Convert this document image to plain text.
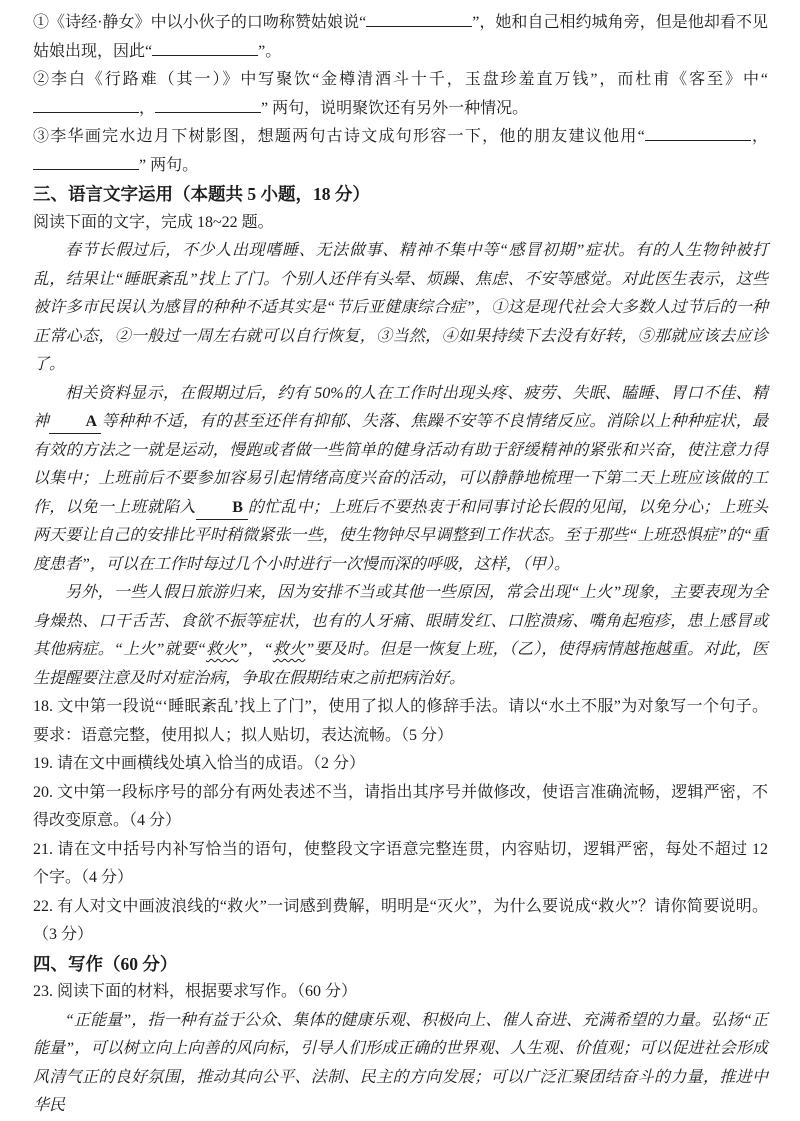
①《诗经·静女》中以小伙子的口吻称赞姑娘说“	”，她和自己相约城角旁，但是他却看不见姑娘出现，因此“	”。

②李白《行路难（其一）》中写聚饮“金樽清酒斗十千，玉盘珍羞直万钱”，而杜甫《客至》中“，	” 两句，说明聚饮还有另外一种情况。

③李华画完水边月下树影图，想题两句古诗文成句形容一下，他的朋友建议他用“	，” 两句。

三、语言文字运用（本题共 5 小题，18 分）

阅读下面的文字，完成 18~22 题。

春节长假过后，不少人出现嗜睡、无法做事、精神不集中等“感冒初期”症状。有的人生物钟被打乱，结果让“睡眠紊乱”找上了门。个别人还伴有头晕、烦躁、焦虑、不安等感觉。对此医生表示，这些被许多市民误认为感冒的种种不适其实是“节后亚健康综合症”，①这是现代社会大多数人过节后的一种正常心态，②一般过一周左右就可以自行恢复，③当然，④如果持续下去没有好转，⑤那就应该去应诊了。

相关资料显示，在假期过后，约有 50%的人在工作时出现头疼、疲劳、失眠、瞌睡、胃口不佳、精神 A 等种种不适，有的甚至还伴有抑郁、失落、焦躁不安等不良情绪反应。消除以上种种症状，最有效的方法之一就是运动，慢跑或者做一些简单的健身活动有助于舒缓精神的紧张和兴奋，使注意力得以集中；上班前后不要参加容易引起情绪高度兴奋的活动，可以静静地梳理一下第二天上班应该做的工作，以免一上班就陷入 B 的忙乱中；上班后不要热衷于和同事讨论长假的见闻，以免分心；上班头两天要让自己的安排比平时稍微紧张一些，使生物钟尽早调整到工作状态。至于那些“上班恐惧症”的“重度患者”，可以在工作时每过几个小时进行一次慢而深的呼吸，这样，（甲）。

另外，一些人假日旅游归来，因为安排不当或其他一些原因，常会出现“上火”现象，主要表现为全身燥热、口干舌苦、食欲不振等症状，也有的人牙痛、眼睛发红、口腔溃疡、嘴角起疱疹，患上感冒或其他病症。“上火”就要“救火”，“救火”要及时。但是一恢复上班，（乙），使得病情越拖越重。对此，医生提醒要注意及时对症治病，争取在假期结束之前把病治好。

18. 文中第一段说“‘睡眠紊乱’找上了门”，使用了拟人的修辞手法。请以“水土不服”为对象写一个句子。要求：语意完整，使用拟人；拟人贴切，表达流畅。（5 分）

19. 请在文中画横线处填入恰当的成语。（2 分）

20. 文中第一段标序号的部分有两处表述不当，请指出其序号并做修改，使语言准确流畅，逻辑严密，不得改变原意。（4 分）

21. 请在文中括号内补写恰当的语句，使整段文字语意完整连贯，内容贴切，逻辑严密，每处不超过 12 个字。（4 分）

22. 有人对文中画波浪线的“救火”一词感到费解，明明是“灭火”，为什么要说成“救火”？请你简要说明。（3 分）

四、写作（60 分）

23. 阅读下面的材料，根据要求写作。（60 分）

“正能量”，指一种有益于公众、集体的健康乐观、积极向上、催人奋进、充满希望的力量。弘扬“正能量”，可以树立向上向善的风向标，引导人们形成正确的世界观、人生观、价值观；可以促进社会形成风清气正的良好氛围，推动其向公平、法制、民主的方向发展；可以广泛汇聚团结奋斗的力量，推进中华民
